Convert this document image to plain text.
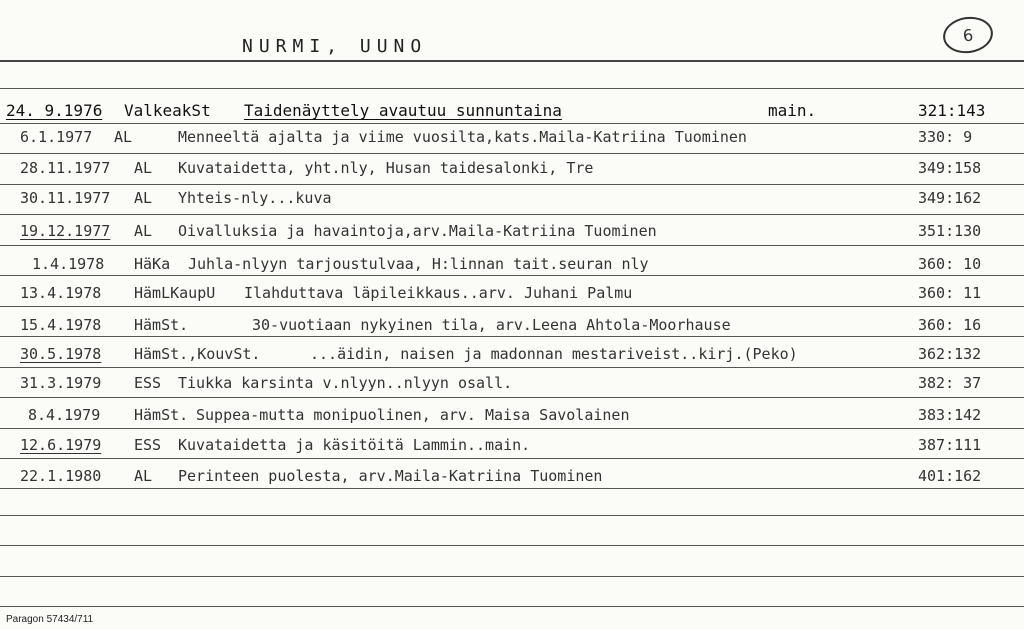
NURMI, UUNO
6
24. 9.1976 ValkeakSt Taidenäyttely avautuu sunnuntaina	main.	321:143
6.1.1977 AL	Menneeltä ajalta ja viime vuosilta,kats.Maila-Katriina Tuominen	330: 9
28.11.1977 AL Kuvataidetta, yht.nly, Husan taidesalonki, Tre	349:158
30.11.1977 AL Yhteis-nly...kuva	349:162
19.12.1977 AL Oivalluksia ja havaintoja,arv.Maila-Katriina Tuominen	351:130
1.4.1978 HäKa Juhla-nlyyn tarjoustulvaa, H:linnan tait.seuran nly	360: 10
13.4.1978 HämLKaupU Ilahduttava läpileikkaus..arv. Juhani Palmu	360: 11
15.4.1978 HämSt.	30-vuotiaan nykyinen tila, arv.Leena Ahtola-Moorhause	360: 16
30.5.1978 HämSt.,KouvSt.	...äidin, naisen ja madonnan mestariveist..kirj.(Peko)	362:132
31.3.1979 ESS Tiukka karsinta v.nlyyn..nlyyn osall.	382: 37
8.4.1979 HämSt. Suppea-mutta monipuolinen, arv. Maisa Savolainen	383:142
12.6.1979 ESS Kuvataidetta ja käsitöitä Lammin..main.	387:111
22.1.1980 AL Perinteen puolesta, arv.Maila-Katriina Tuominen	401:162
Paragon 57434/711
